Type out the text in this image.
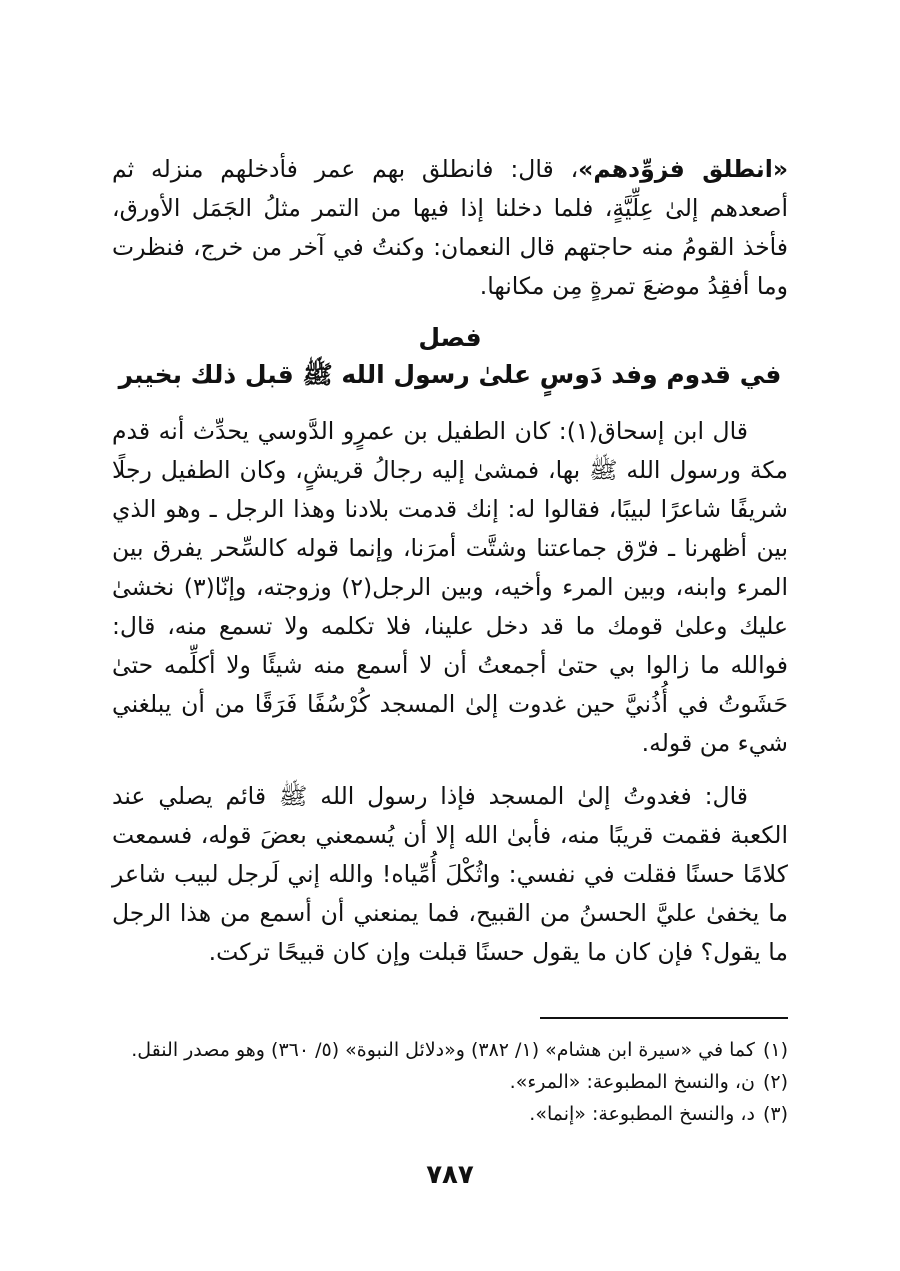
«انطلق فزوِّدهم»، قال: فانطلق بهم عمر فأدخلهم منزله ثم أصعدهم إلىٰ عِلِّيَّةٍ، فلما دخلنا إذا فيها من التمر مثلُ الجَمَل الأورق، فأخذ القومُ منه حاجتهم قال النعمان: وكنتُ في آخر من خرج، فنظرت وما أفقِدُ موضعَ تمرةٍ مِن مكانها.

فصل
في قدوم وفد دَوسٍ علىٰ رسول الله ﷺ قبل ذلك بخيبر

قال ابن إسحاق(١): كان الطفيل بن عمرٍو الدَّوسي يحدِّث أنه قدم مكة ورسول الله ﷺ بها، فمشىٰ إليه رجالُ قريشٍ، وكان الطفيل رجلًا شريفًا شاعرًا لبيبًا، فقالوا له: إنك قدمت بلادنا وهذا الرجل ـ وهو الذي بين أظهرنا ـ فرّق جماعتنا وشتَّت أمرَنا، وإنما قوله كالسِّحر يفرق بين المرء وابنه، وبين المرء وأخيه، وبين الرجل(٢) وزوجته، وإنّا(٣) نخشىٰ عليك وعلىٰ قومك ما قد دخل علينا، فلا تكلمه ولا تسمع منه، قال: فوالله ما زالوا بي حتىٰ أجمعتُ أن لا أسمع منه شيئًا ولا أكلِّمه حتىٰ حَشَوتُ في أُذُنيَّ حين غدوت إلىٰ المسجد كُرْسُفًا فَرَقًا من أن يبلغني شيء من قوله.

قال: فغدوتُ إلىٰ المسجد فإذا رسول الله ﷺ قائم يصلي عند الكعبة فقمت قريبًا منه، فأبىٰ الله إلا أن يُسمعني بعضَ قوله، فسمعت كلامًا حسنًا فقلت في نفسي: واثُكْلَ أُمِّياه! والله إني لَرجل لبيب شاعر ما يخفىٰ عليَّ الحسنُ من القبيح، فما يمنعني أن أسمع من هذا الرجل ما يقول؟ فإن كان ما يقول حسنًا قبلت وإن كان قبيحًا تركت.

(١)كما في «سيرة ابن هشام» (١/ ٣٨٢) و«دلائل النبوة» (٥/ ٣٦٠) وهو مصدر النقل.

(٢)ن، والنسخ المطبوعة: «المرء».

(٣)د، والنسخ المطبوعة: «إنما».

٧٨٧
